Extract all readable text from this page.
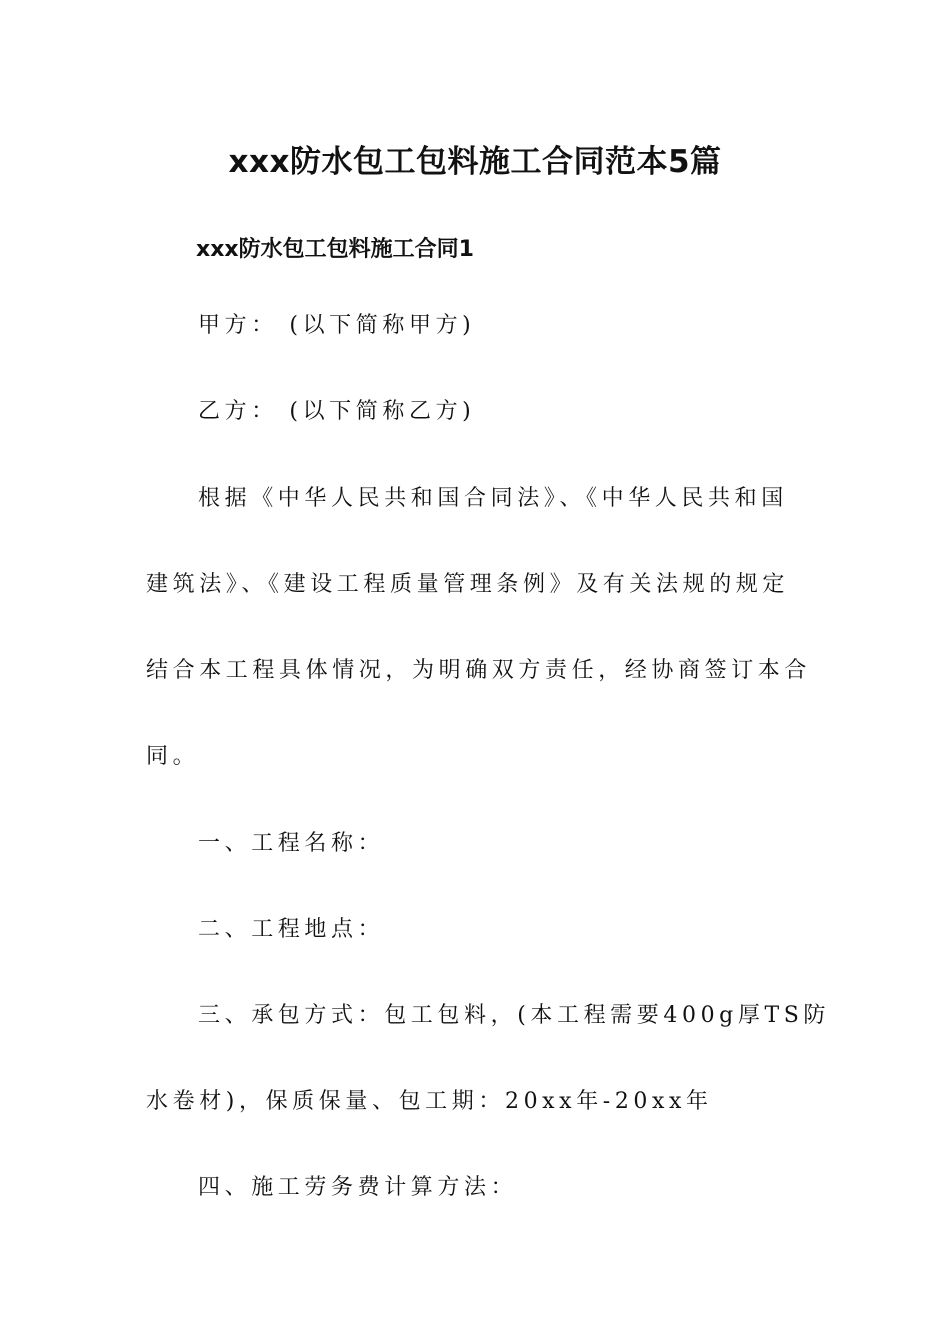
xxx防水包工包料施工合同范本5篇
xxx防水包工包料施工合同1
甲方： (以下简称甲方)
乙方： (以下简称乙方)
根据《中华人民共和国合同法》、《中华人民共和国
建筑法》、《建设工程质量管理条例》及有关法规的规定
结合本工程具体情况，为明确双方责任，经协商签订本合
同。
一、工程名称：
二、工程地点：
三、承包方式：包工包料，(本工程需要400g厚TS防
水卷材)，保质保量、包工期：20xx年-20xx年
四、施工劳务费计算方法：
